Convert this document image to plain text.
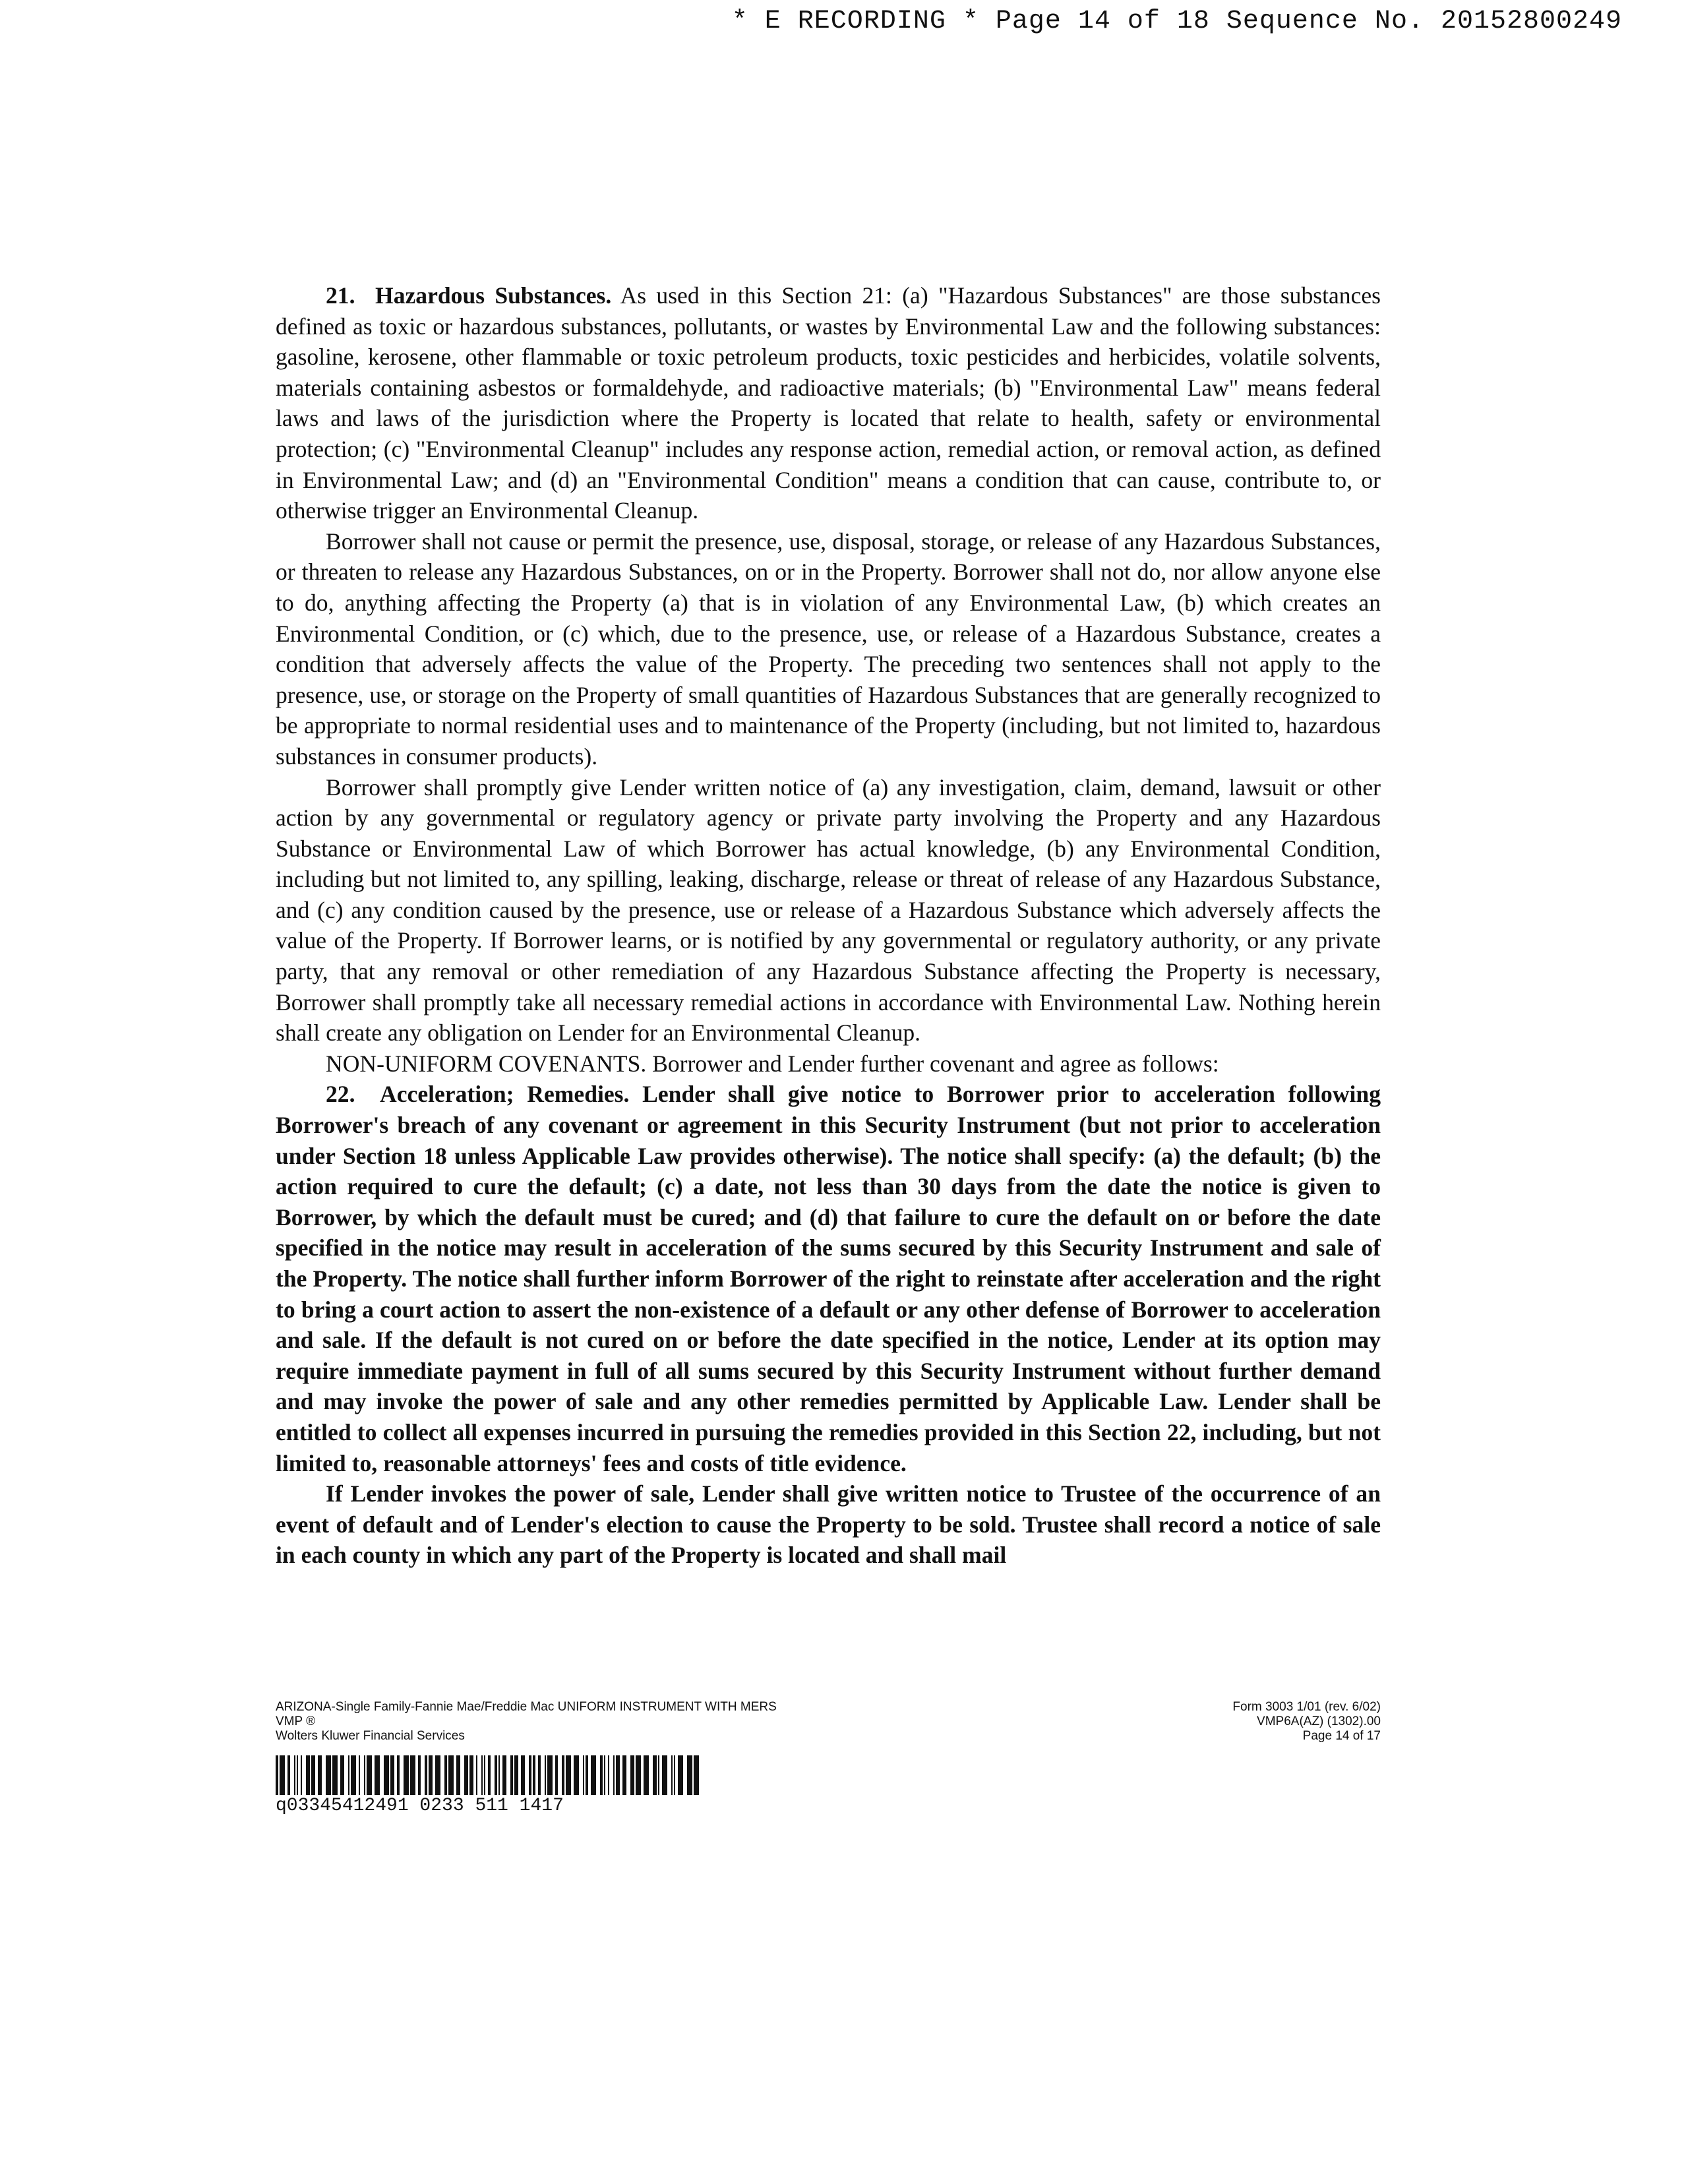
* E RECORDING * Page 14 of 18 Sequence No. 20152800249

21. Hazardous Substances. As used in this Section 21: (a) "Hazardous Substances" are those substances defined as toxic or hazardous substances, pollutants, or wastes by Environmental Law and the following substances: gasoline, kerosene, other flammable or toxic petroleum products, toxic pesticides and herbicides, volatile solvents, materials containing asbestos or formaldehyde, and radioactive materials; (b) "Environmental Law" means federal laws and laws of the jurisdiction where the Property is located that relate to health, safety or environmental protection; (c) "Environmental Cleanup" includes any response action, remedial action, or removal action, as defined in Environmental Law; and (d) an "Environmental Condition" means a condition that can cause, contribute to, or otherwise trigger an Environmental Cleanup.

Borrower shall not cause or permit the presence, use, disposal, storage, or release of any Hazardous Substances, or threaten to release any Hazardous Substances, on or in the Property. Borrower shall not do, nor allow anyone else to do, anything affecting the Property (a) that is in violation of any Environmental Law, (b) which creates an Environmental Condition, or (c) which, due to the presence, use, or release of a Hazardous Substance, creates a condition that adversely affects the value of the Property. The preceding two sentences shall not apply to the presence, use, or storage on the Property of small quantities of Hazardous Substances that are generally recognized to be appropriate to normal residential uses and to maintenance of the Property (including, but not limited to, hazardous substances in consumer products).

Borrower shall promptly give Lender written notice of (a) any investigation, claim, demand, lawsuit or other action by any governmental or regulatory agency or private party involving the Property and any Hazardous Substance or Environmental Law of which Borrower has actual knowledge, (b) any Environmental Condition, including but not limited to, any spilling, leaking, discharge, release or threat of release of any Hazardous Substance, and (c) any condition caused by the presence, use or release of a Hazardous Substance which adversely affects the value of the Property. If Borrower learns, or is notified by any governmental or regulatory authority, or any private party, that any removal or other remediation of any Hazardous Substance affecting the Property is necessary, Borrower shall promptly take all necessary remedial actions in accordance with Environmental Law. Nothing herein shall create any obligation on Lender for an Environmental Cleanup.

NON-UNIFORM COVENANTS. Borrower and Lender further covenant and agree as follows:

22. Acceleration; Remedies. Lender shall give notice to Borrower prior to acceleration following Borrower's breach of any covenant or agreement in this Security Instrument (but not prior to acceleration under Section 18 unless Applicable Law provides otherwise). The notice shall specify: (a) the default; (b) the action required to cure the default; (c) a date, not less than 30 days from the date the notice is given to Borrower, by which the default must be cured; and (d) that failure to cure the default on or before the date specified in the notice may result in acceleration of the sums secured by this Security Instrument and sale of the Property. The notice shall further inform Borrower of the right to reinstate after acceleration and the right to bring a court action to assert the non-existence of a default or any other defense of Borrower to acceleration and sale. If the default is not cured on or before the date specified in the notice, Lender at its option may require immediate payment in full of all sums secured by this Security Instrument without further demand and may invoke the power of sale and any other remedies permitted by Applicable Law. Lender shall be entitled to collect all expenses incurred in pursuing the remedies provided in this Section 22, including, but not limited to, reasonable attorneys' fees and costs of title evidence.

If Lender invokes the power of sale, Lender shall give written notice to Trustee of the occurrence of an event of default and of Lender's election to cause the Property to be sold. Trustee shall record a notice of sale in each county in which any part of the Property is located and shall mail

ARIZONA-Single Family-Fannie Mae/Freddie Mac UNIFORM INSTRUMENT WITH MERS
VMP ®
Wolters Kluwer Financial Services
Form 3003 1/01 (rev. 6/02)
VMP6A(AZ) (1302).00
Page 14 of 17
q03345412491 0233 511 1417
